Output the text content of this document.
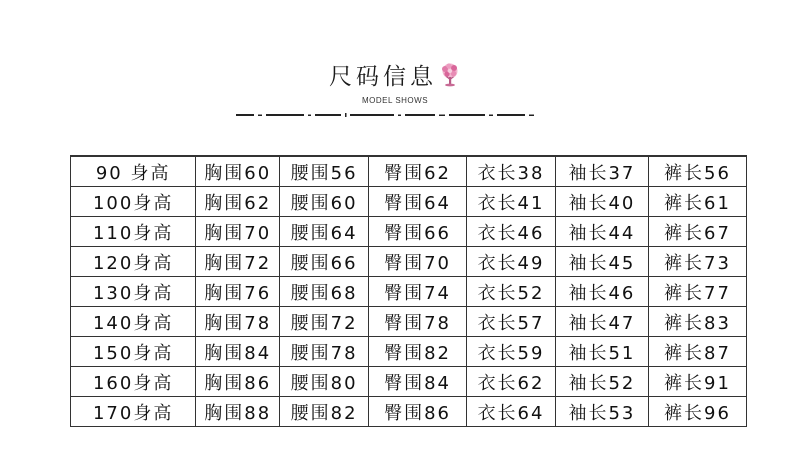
尺码信息
MODEL SHOWS
90 身高	胸围60	腰围56	臀围62	衣长38	袖长37	裤长56
100身高	胸围62	腰围60	臀围64	衣长41	袖长40	裤长61
110身高	胸围70	腰围64	臀围66	衣长46	袖长44	裤长67
120身高	胸围72	腰围66	臀围70	衣长49	袖长45	裤长73
130身高	胸围76	腰围68	臀围74	衣长52	袖长46	裤长77
140身高	胸围78	腰围72	臀围78	衣长57	袖长47	裤长83
150身高	胸围84	腰围78	臀围82	衣长59	袖长51	裤长87
160身高	胸围86	腰围80	臀围84	衣长62	袖长52	裤长91
170身高	胸围88	腰围82	臀围86	衣长64	袖长53	裤长96
